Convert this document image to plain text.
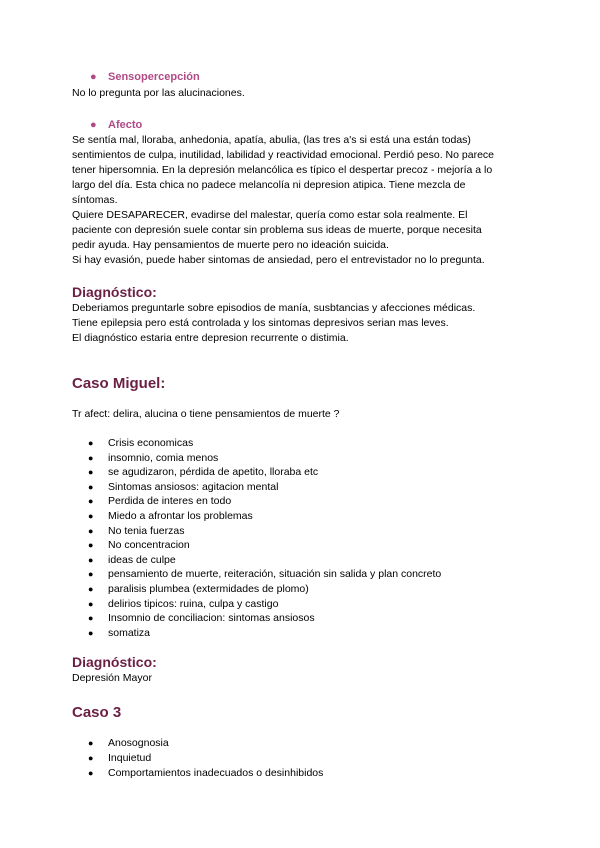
● Sensopercepción

No lo pregunta por las alucinaciones.

● Afecto

Se sentía mal, lloraba, anhedonia, apatía, abulia, (las tres a's si está una están todas)

sentimientos de culpa, inutilidad, labilidad y reactividad emocional. Perdió peso. No parece

tener hipersomnia. En la depresión melancólica es típico el despertar precoz - mejoría a lo

largo del día. Esta chica no padece melancolía ni depresion atipica. Tiene mezcla de

síntomas.

Quiere DESAPARECER, evadirse del malestar, quería como estar sola realmente. El

paciente con depresión suele contar sin problema sus ideas de muerte, porque necesita

pedir ayuda. Hay pensamientos de muerte pero no ideación suicida.

Si hay evasión, puede haber sintomas de ansiedad, pero el entrevistador no lo pregunta.

Diagnóstico:

Deberiamos preguntarle sobre episodios de manía, susbtancias y afecciones médicas.

Tiene epilepsia pero está controlada y los sintomas depresivos serian mas leves.

El diagnóstico estaria entre depresion recurrente o distimia.

Caso Miguel:

Tr afect: delira, alucina o tiene pensamientos de muerte ?

● Crisis economicas
● insomnio, comia menos
● se agudizaron, pérdida de apetito, lloraba etc
● Sintomas ansiosos: agitacion mental
● Perdida de interes en todo
● Miedo a afrontar los problemas
● No tenia fuerzas
● No concentracion
● ideas de culpe
● pensamiento de muerte, reiteración, situación sin salida y plan concreto
● paralisis plumbea (extermidades de plomo)
● delirios tipicos: ruina, culpa y castigo
● Insomnio de conciliacion: sintomas ansiosos
● somatiza
Diagnóstico:

Depresión Mayor

Caso 3
● Anosognosia
● Inquietud
● Comportamientos inadecuados o desinhibidos
